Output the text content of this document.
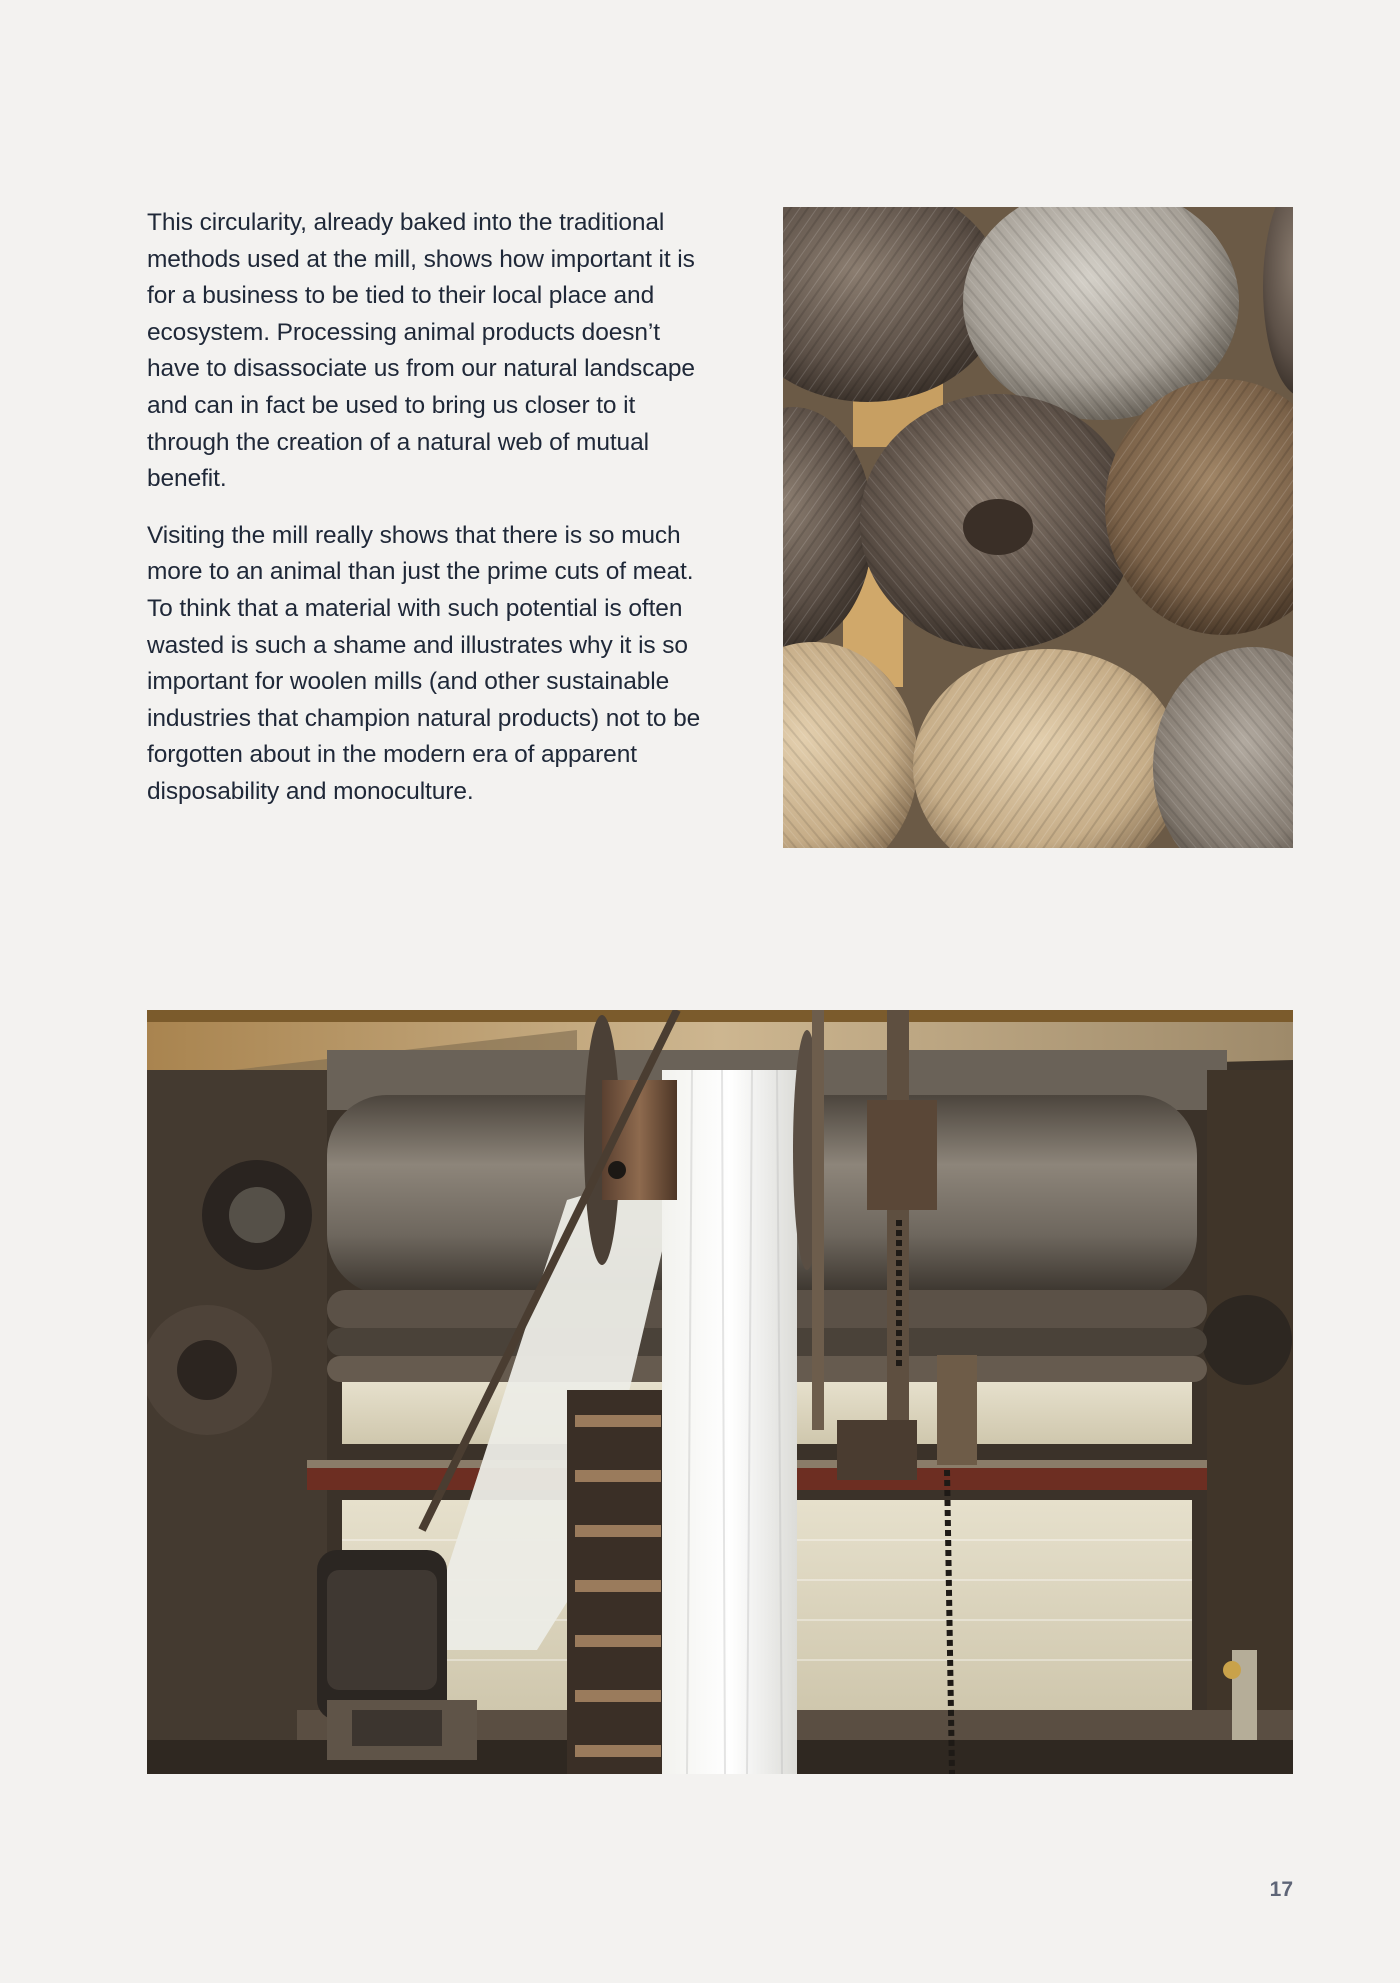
This circularity, already baked into the traditional methods used at the mill, shows how important it is for a business to be tied to their local place and ecosystem. Processing animal products doesn’t have to disassociate us from our natural landscape and can in fact be used to bring us closer to it through the creation of a natural web of mutual benefit.

Visiting the mill really shows that there is so much more to an animal than just the prime cuts of meat. To think that a material with such potential is often wasted is such a shame and illustrates why it is so important for woolen mills (and other sustainable industries that champion natural products) not to be forgotten about in the modern era of apparent disposability and monoculture.

17
